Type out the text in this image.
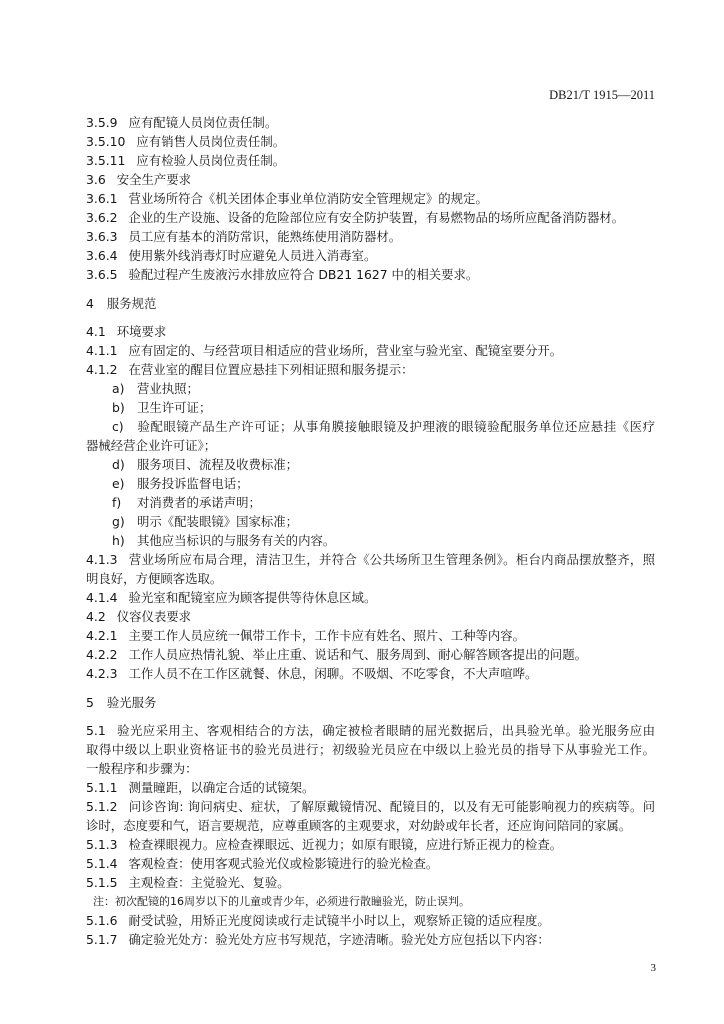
DB21/T 1915—2011
3.5.9 应有配镜人员岗位责任制。
3.5.10 应有销售人员岗位责任制。
3.5.11 应有检验人员岗位责任制。
3.6 安全生产要求
3.6.1 营业场所符合《机关团体企事业单位消防安全管理规定》的规定。
3.6.2 企业的生产设施、设备的危险部位应有安全防护装置，有易燃物品的场所应配备消防器材。
3.6.3 员工应有基本的消防常识，能熟练使用消防器材。
3.6.4 使用紫外线消毒灯时应避免人员进入消毒室。
3.6.5 验配过程产生废液污水排放应符合 DB21 1627 中的相关要求。
4 服务规范
4.1 环境要求
4.1.1 应有固定的、与经营项目相适应的营业场所，营业室与验光室、配镜室要分开。
4.1.2 在营业室的醒目位置应悬挂下列相证照和服务提示：
a) 营业执照；
b) 卫生许可证；
c) 验配眼镜产品生产许可证；从事角膜接触眼镜及护理液的眼镜验配服务单位还应悬挂《医疗
器械经营企业许可证》；
d) 服务项目、流程及收费标准；
e) 服务投诉监督电话；
f) 对消费者的承诺声明；
g) 明示《配装眼镜》国家标准；
h) 其他应当标识的与服务有关的内容。
4.1.3 营业场所应布局合理，清洁卫生，并符合《公共场所卫生管理条例》。柜台内商品摆放整齐，照
明良好，方便顾客选取。
4.1.4 验光室和配镜室应为顾客提供等待休息区域。
4.2 仪容仪表要求
4.2.1 主要工作人员应统一佩带工作卡，工作卡应有姓名、照片、工种等内容。
4.2.2 工作人员应热情礼貌、举止庄重、说话和气、服务周到、耐心解答顾客提出的问题。
4.2.3 工作人员不在工作区就餐、休息，闲聊。不吸烟、不吃零食，不大声喧哗。
5 验光服务
5.1 验光应采用主、客观相结合的方法，确定被检者眼睛的屈光数据后，出具验光单。验光服务应由
取得中级以上职业资格证书的验光员进行；初级验光员应在中级以上验光员的指导下从事验光工作。
一般程序和步骤为：
5.1.1 测量瞳距，以确定合适的试镜架。
5.1.2 问诊咨询: 询问病史、症状，了解原戴镜情况、配镜目的，以及有无可能影响视力的疾病等。问
诊时，态度要和气，语言要规范，应尊重顾客的主观要求，对幼龄或年长者，还应询问陪同的家属。
5.1.3 检查裸眼视力。应检查裸眼远、近视力；如原有眼镜，应进行矫正视力的检查。
5.1.4 客观检查：使用客观式验光仪或检影镜进行的验光检查。
5.1.5 主观检查：主觉验光、复验。
注：初次配镜的16周岁以下的儿童或青少年，必须进行散瞳验光，防止误判。
5.1.6 耐受试验，用矫正光度阅读或行走试镜半小时以上，观察矫正镜的适应程度。
5.1.7 确定验光处方：验光处方应书写规范，字迹清晰。验光处方应包括以下内容：
3
